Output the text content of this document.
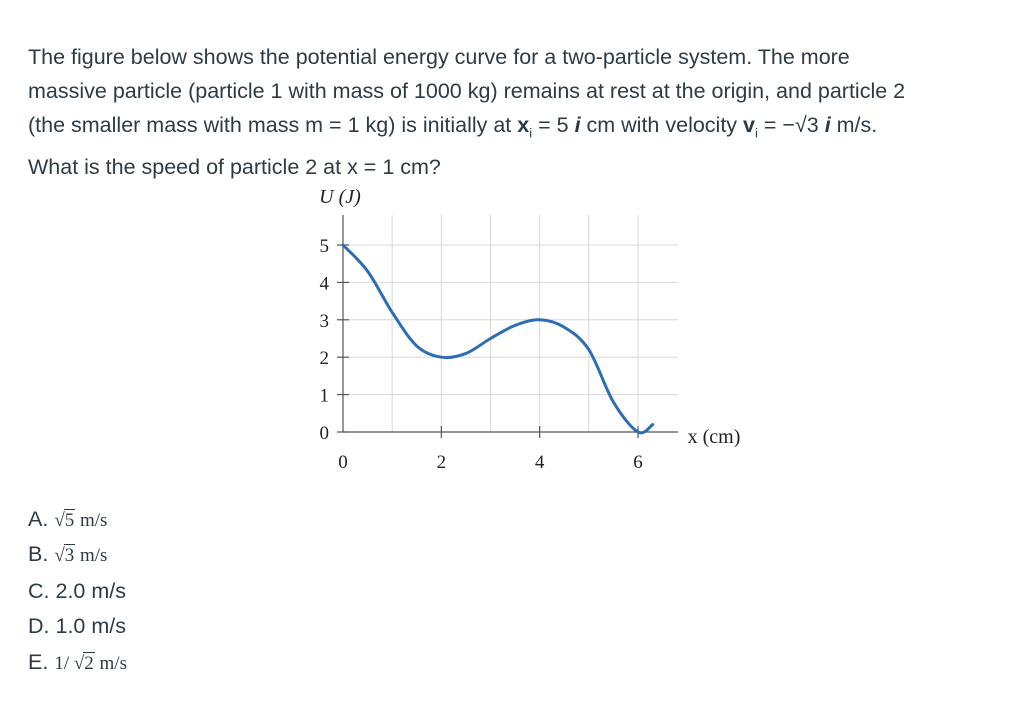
The figure below shows the potential energy curve for a two-particle system. The more
massive particle (particle 1 with mass of 1000 kg) remains at rest at the origin, and particle 2
(the smaller mass with mass m = 1 kg) is initially at $x_i = 5$ i cm with velocity $v_i = -√3$ i m/s.
What is the speed of particle 2 at x = 1 cm?

0
1
2
3
4
5
0	2	4	6
U (J)
x (cm)
A. √5 m/s
B. √3 m/s
C. 2.0 m/s
D. 1.0 m/s
E. 1/ √2 m/s
